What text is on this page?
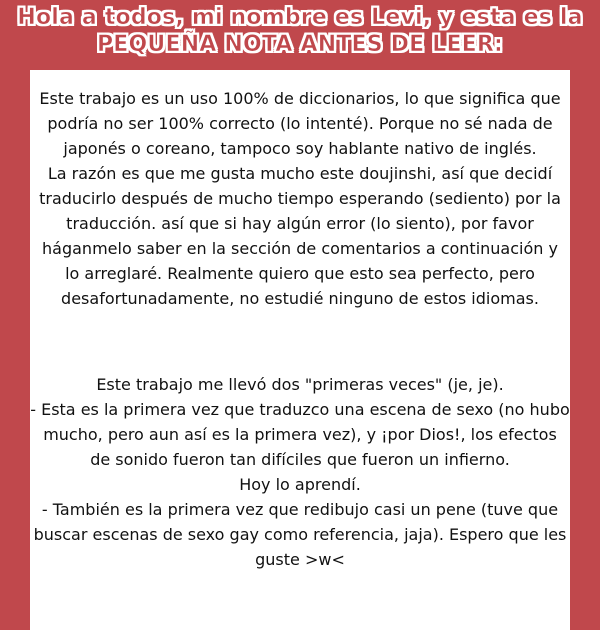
Hola a todos, mi nombre es Levi, y esta es la
PEQUEÑA NOTA ANTES DE LEER:
Este trabajo es un uso 100% de diccionarios, lo que significa que
podría no ser 100% correcto (lo intenté). Porque no sé nada de
japonés o coreano, tampoco soy hablante nativo de inglés.
La razón es que me gusta mucho este doujinshi, así que decidí
traducirlo después de mucho tiempo esperando (sediento) por la
traducción. así que si hay algún error (lo siento), por favor
háganmelo saber en la sección de comentarios a continuación y
lo arreglaré. Realmente quiero que esto sea perfecto, pero
desafortunadamente, no estudié ninguno de estos idiomas.
Este trabajo me llevó dos "primeras veces" (je, je).
- Esta es la primera vez que traduzco una escena de sexo (no hubo
mucho, pero aun así es la primera vez), y ¡por Dios!, los efectos
de sonido fueron tan difíciles que fueron un infierno.
Hoy lo aprendí.
- También es la primera vez que redibujo casi un pene (tuve que
buscar escenas de sexo gay como referencia, jaja). Espero que les
guste >w<
